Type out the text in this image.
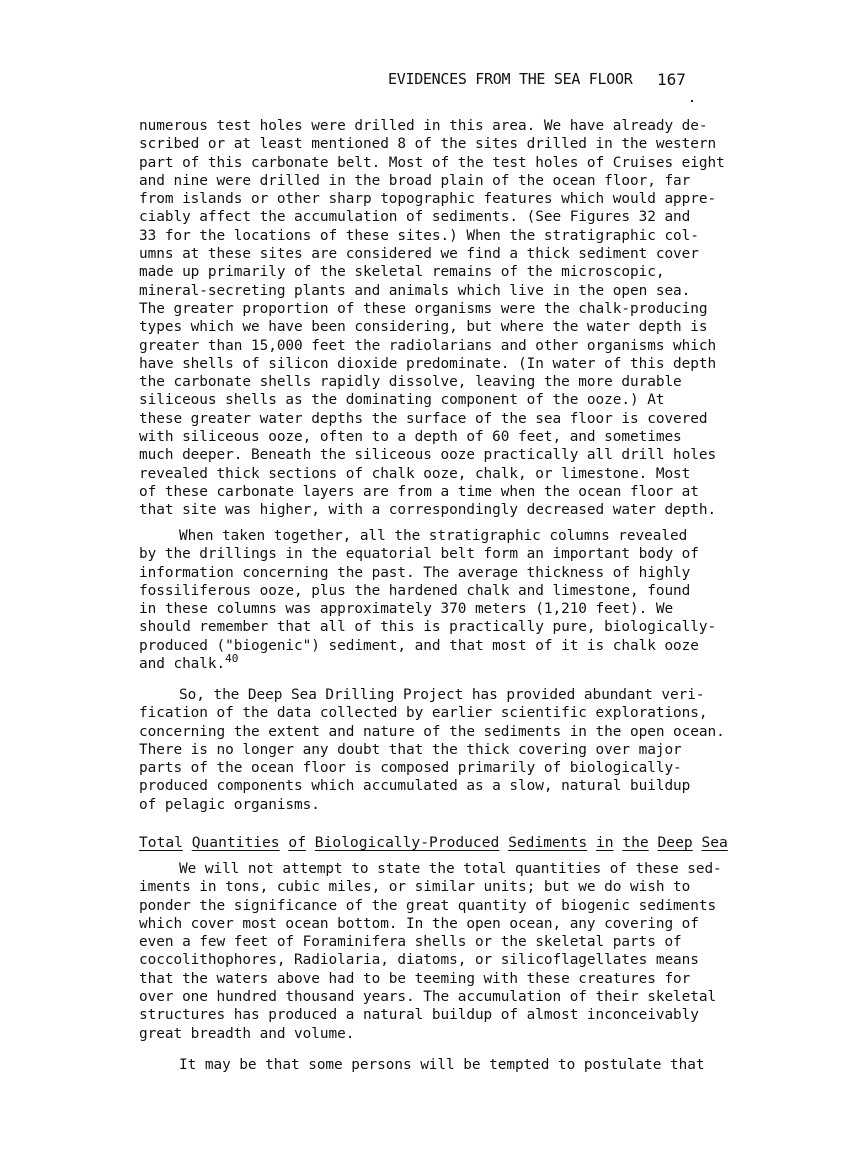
EVIDENCES FROM THE SEA FLOOR 167
numerous test holes were drilled in this area. We have already de-
scribed or at least mentioned 8 of the sites drilled in the western
part of this carbonate belt. Most of the test holes of Cruises eight
and nine were drilled in the broad plain of the ocean floor, far
from islands or other sharp topographic features which would appre-
ciably affect the accumulation of sediments. (See Figures 32 and
33 for the locations of these sites.) When the stratigraphic col-
umns at these sites are considered we find a thick sediment cover
made up primarily of the skeletal remains of the microscopic,
mineral-secreting plants and animals which live in the open sea.
The greater proportion of these organisms were the chalk-producing
types which we have been considering, but where the water depth is
greater than 15,000 feet the radiolarians and other organisms which
have shells of silicon dioxide predominate. (In water of this depth
the carbonate shells rapidly dissolve, leaving the more durable
siliceous shells as the dominating component of the ooze.) At
these greater water depths the surface of the sea floor is covered
with siliceous ooze, often to a depth of 60 feet, and sometimes
much deeper. Beneath the siliceous ooze practically all drill holes
revealed thick sections of chalk ooze, chalk, or limestone. Most
of these carbonate layers are from a time when the ocean floor at
that site was higher, with a correspondingly decreased water depth.
When taken together, all the stratigraphic columns revealed
by the drillings in the equatorial belt form an important body of
information concerning the past. The average thickness of highly
fossiliferous ooze, plus the hardened chalk and limestone, found
in these columns was approximately 370 meters (1,210 feet). We
should remember that all of this is practically pure, biologically-
produced ("biogenic") sediment, and that most of it is chalk ooze
and chalk.$^{40}$
So, the Deep Sea Drilling Project has provided abundant veri-
fication of the data collected by earlier scientific explorations,
concerning the extent and nature of the sediments in the open ocean.
There is no longer any doubt that the thick covering over major
parts of the ocean floor is composed primarily of biologically-
produced components which accumulated as a slow, natural buildup
of pelagic organisms.
Total Quantities of Biologically-Produced Sediments in the Deep Sea
We will not attempt to state the total quantities of these sed-
iments in tons, cubic miles, or similar units; but we do wish to
ponder the significance of the great quantity of biogenic sediments
which cover most ocean bottom. In the open ocean, any covering of
even a few feet of Foraminifera shells or the skeletal parts of
coccolithophores, Radiolaria, diatoms, or silicoflagellates means
that the waters above had to be teeming with these creatures for
over one hundred thousand years. The accumulation of their skeletal
structures has produced a natural buildup of almost inconceivably
great breadth and volume.
It may be that some persons will be tempted to postulate that
